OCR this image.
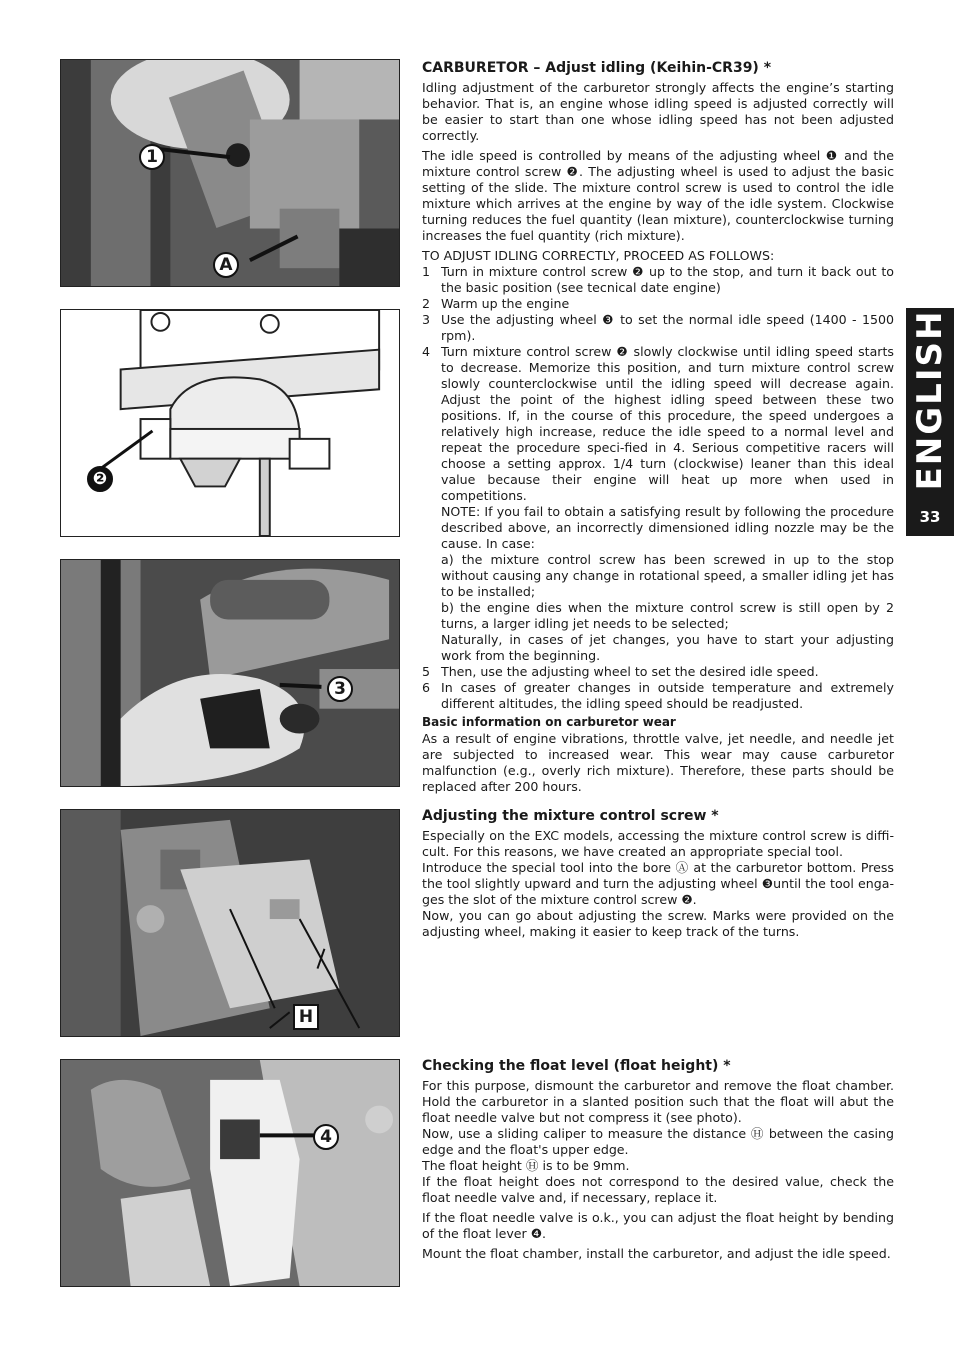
1
A
❷
3
H
4
CARBURETOR – Adjust idling (Keihin-CR39) *

Idling adjustment of the carburetor strongly affects the engine’s starting behavior. That is, an engine whose idling speed is adjusted correctly will be easier to start than one whose idling speed has not been adjusted correctly.

The idle speed is controlled by means of the adjusting wheel ❶ and the mixture control screw ❷. The adjusting wheel is used to adjust the basic setting of the slide. The mixture control screw is used to control the idle mixture which arrives at the engine by way of the idle system. Clockwise turning reduces the fuel quantity (lean mixture), counterclockwise turning increases the fuel quantity (rich mixture).

TO ADJUST IDLING CORRECTLY, PROCEED AS FOLLOWS:

1 Turn in mixture control screw ❷ up to the stop, and turn it back out to the basic position (see tecnical date engine)
2 Warm up the engine
3 Use the adjusting wheel ❸ to set the normal idle speed (1400 - 1500 rpm).
4 Turn mixture control screw ❷ slowly clockwise until idling speed starts to decrease. Memorize this position, and turn mixture control screw slowly counterclockwise until the idling speed will decrease again. Adjust the point of the highest idling speed between these two positions. If, in the course of this procedure, the speed undergoes a relatively high increase, reduce the idle speed to a normal level and repeat the procedure speci-fied in 4. Serious competitive racers will choose a setting approx. 1/4 turn (clockwise) leaner than this ideal value because their engine will heat up more when used in competitions.
NOTE: If you fail to obtain a satisfying result by following the procedure described above, an incorrectly dimensioned idling nozzle may be the cause. In case:
a) the mixture control screw has been screwed in up to the stop without causing any change in rotational speed, a smaller idling jet has to be installed;
b) the engine dies when the mixture control screw is still open by 2 turns, a larger idling jet needs to be selected;
Naturally, in cases of jet changes, you have to start your adjusting work from the beginning.
5 Then, use the adjusting wheel to set the desired idle speed.
6 In cases of greater changes in outside temperature and extremely different altitudes, the idling speed should be readjusted.
Basic information on carburetor wear

As a result of engine vibrations, throttle valve, jet needle, and needle jet are subjected to increased wear. This wear may cause carburetor malfunction (e.g., overly rich mixture). Therefore, these parts should be replaced after 200 hours.

Adjusting the mixture control screw *

Especially on the EXC models, accessing the mixture control screw is diffi-cult. For this reasons, we have created an appropriate special tool.

Introduce the special tool into the bore Ⓐ at the carburetor bottom. Press the tool slightly upward and turn the adjusting wheel ❸until the tool enga-ges the slot of the mixture control screw ❷.

Now, you can go about adjusting the screw. Marks were provided on the adjusting wheel, making it easier to keep track of the turns.

Checking the float level (float height) *

For this purpose, dismount the carburetor and remove the float chamber. Hold the carburetor in a slanted position such that the float will abut the float needle valve but not compress it (see photo).

Now, use a sliding caliper to measure the distance Ⓗ between the casing edge and the float's upper edge.

The float height Ⓗ is to be 9mm.

If the float height does not correspond to the desired value, check the float needle valve and, if necessary, replace it.

If the float needle valve is o.k., you can adjust the float height by bending of the float lever ❹.

Mount the float chamber, install the carburetor, and adjust the idle speed.

ENGLISH
33
